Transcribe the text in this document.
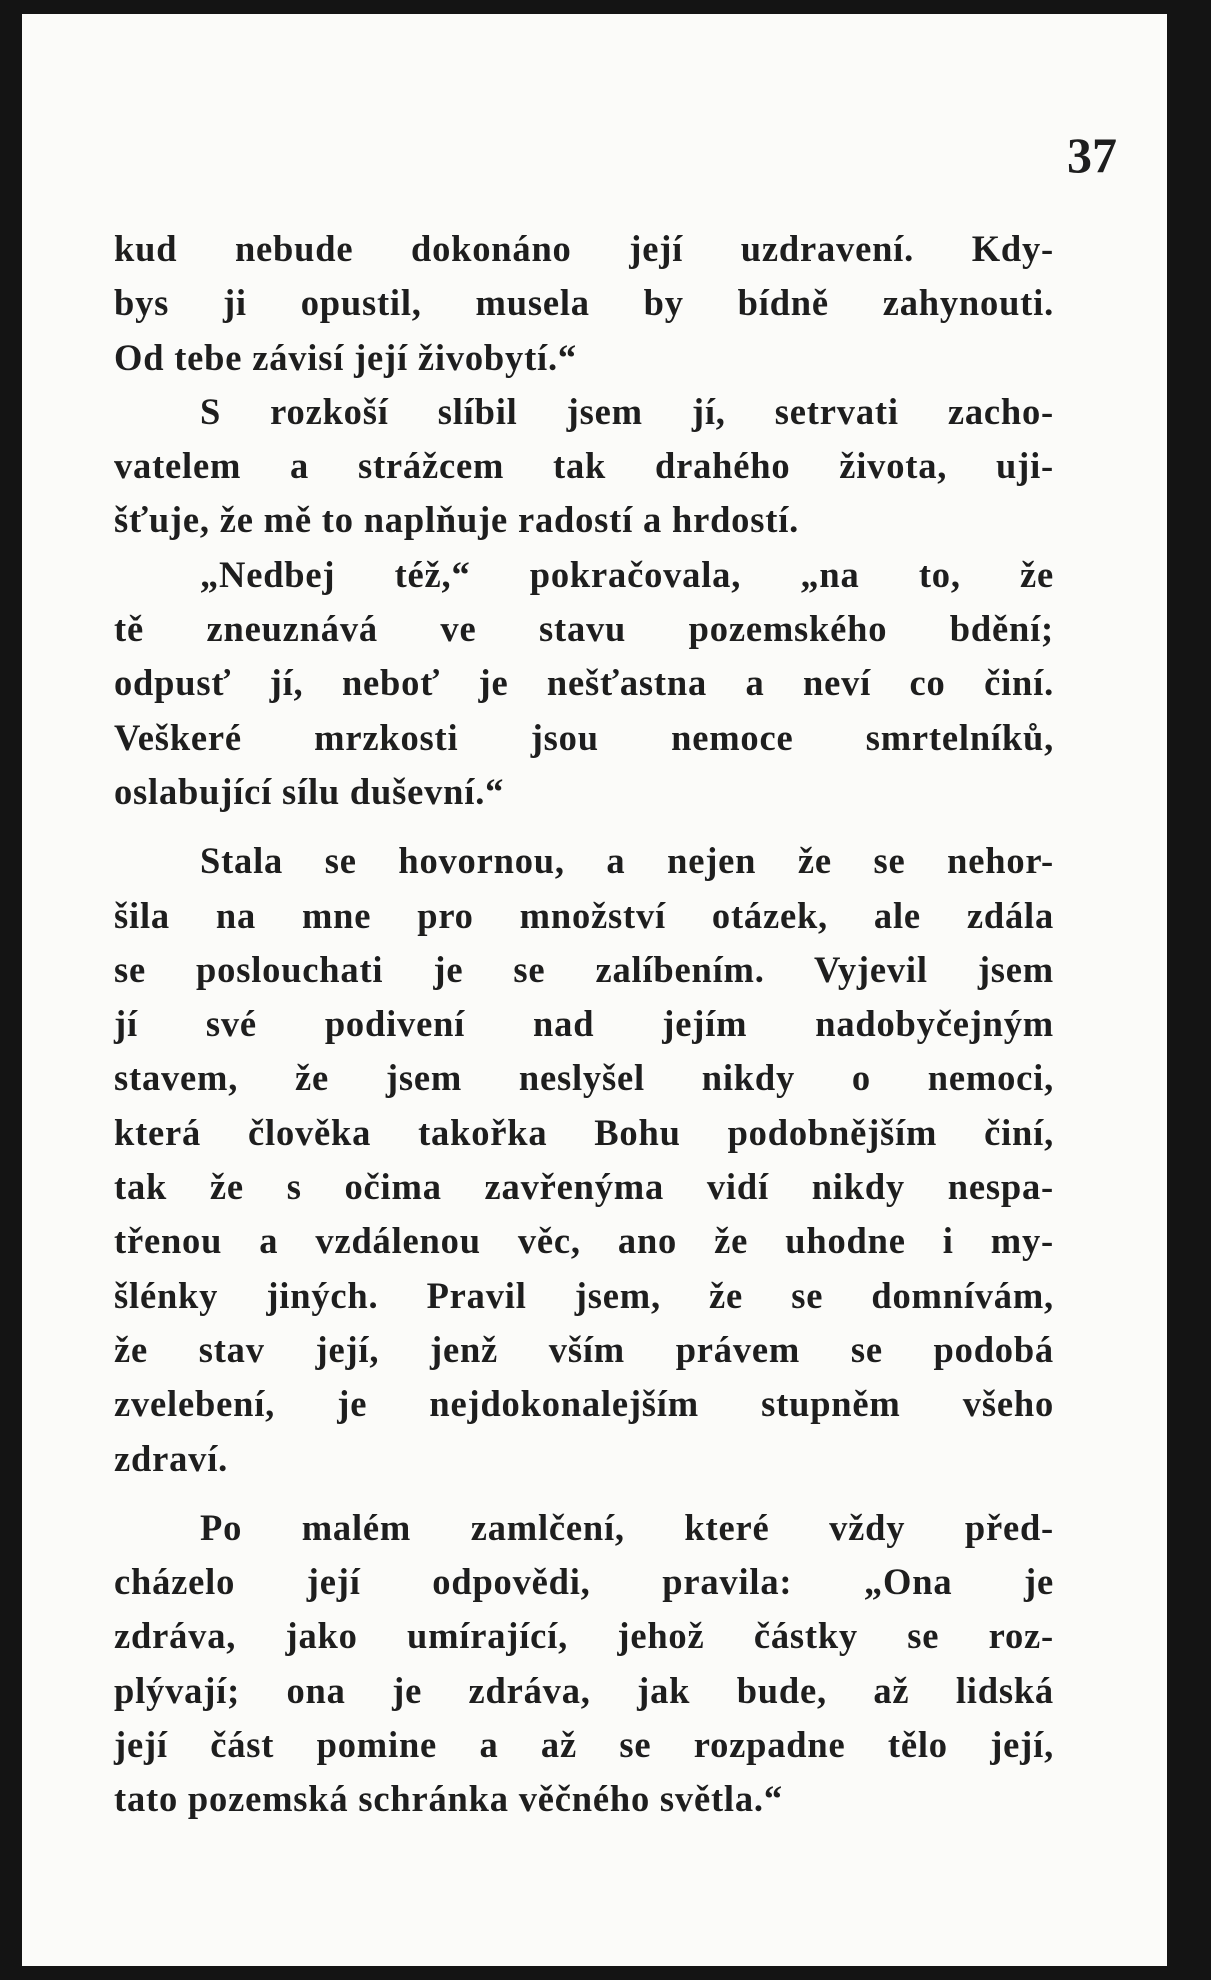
37

kud nebude dokonáno její uzdravení. Kdy-
bys ji opustil, musela by bídně zahynouti.
Od tebe závisí její živobytí.“
S rozkoší slíbil jsem jí, setrvati zacho-
vatelem a strážcem tak drahého života, uji-
šťuje, že mě to naplňuje radostí a hrdostí.
„Nedbej též,“ pokračovala, „na to, že
tě zneuznává ve stavu pozemského bdění;
odpusť jí, neboť je nešťastna a neví co činí.
Veškeré mrzkosti jsou nemoce smrtelníků,
oslabující sílu duševní.“
Stala se hovornou, a nejen že se nehor-
šila na mne pro množství otázek, ale zdála
se poslouchati je se zalíbením. Vyjevil jsem
jí své podivení nad jejím nadobyčejným
stavem, že jsem neslyšel nikdy o nemoci,
která člověka takořka Bohu podobnějším činí,
tak že s očima zavřenýma vidí nikdy nespa-
třenou a vzdálenou věc, ano že uhodne i my-
šlénky jiných. Pravil jsem, že se domnívám,
že stav její, jenž vším právem se podobá
zvelebení, je nejdokonalejším stupněm všeho
zdraví.
Po malém zamlčení, které vždy před-
cházelo její odpovědi, pravila: „Ona je
zdráva, jako umírající, jehož částky se roz-
plývají; ona je zdráva, jak bude, až lidská
její část pomine a až se rozpadne tělo její,
tato pozemská schránka věčného světla.“
